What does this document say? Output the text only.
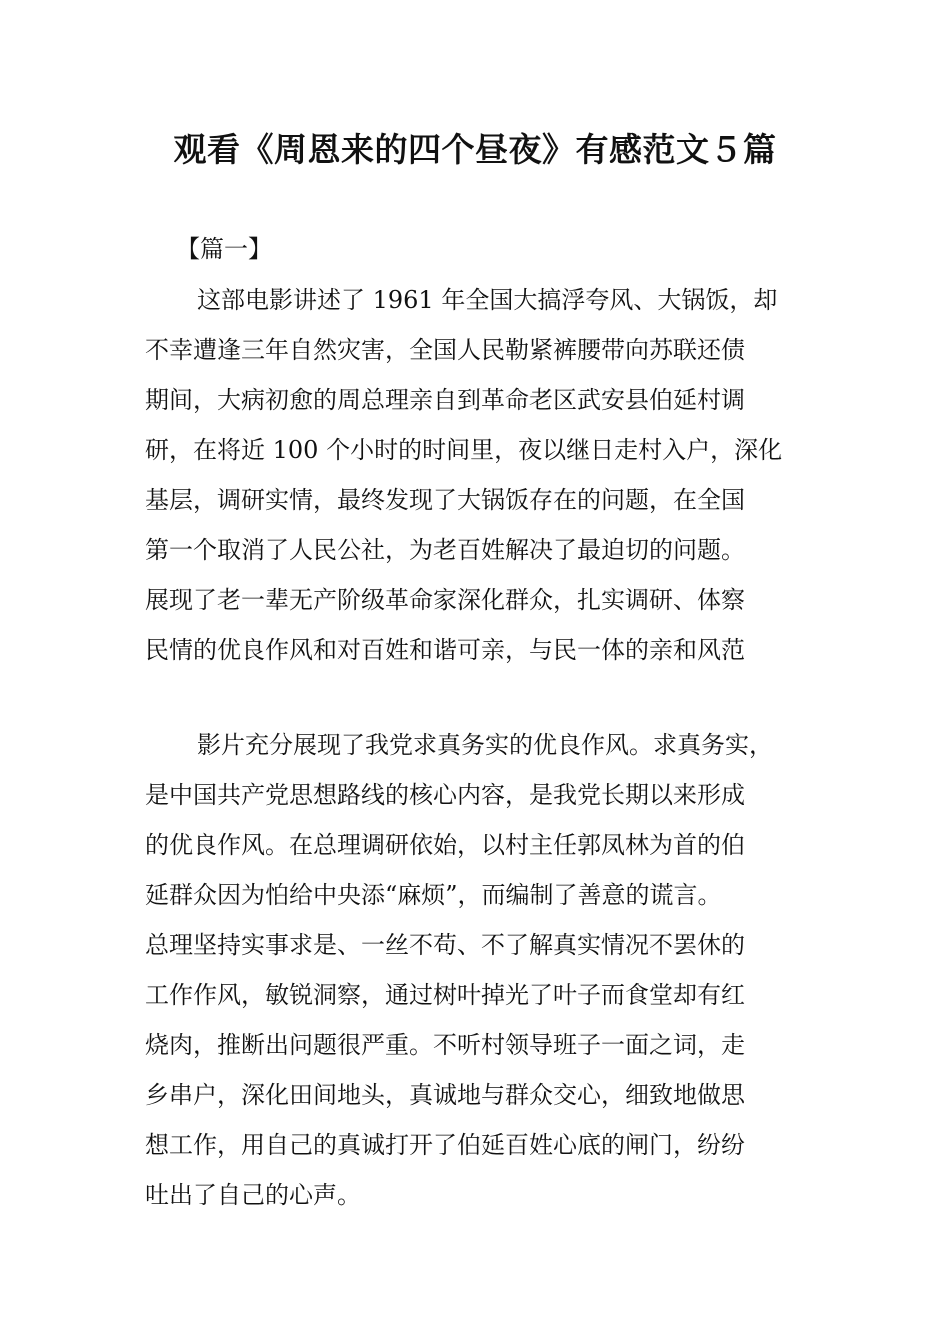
观看《周恩来的四个昼夜》有感范文５篇
【篇一】
这部电影讲述了 1961 年全国大搞浮夸风、大锅饭，却
不幸遭逢三年自然灾害，全国人民勒紧裤腰带向苏联还债
期间，大病初愈的周总理亲自到革命老区武安县伯延村调
研，在将近 100 个小时的时间里，夜以继日走村入户，深化
基层，调研实情，最终发现了大锅饭存在的问题，在全国
第一个取消了人民公社，为老百姓解决了最迫切的问题。
展现了老一辈无产阶级革命家深化群众，扎实调研、体察
民情的优良作风和对百姓和谐可亲，与民一体的亲和风范
影片充分展现了我党求真务实的优良作风。求真务实，
是中国共产党思想路线的核心内容，是我党长期以来形成
的优良作风。在总理调研依始，以村主任郭凤林为首的伯
延群众因为怕给中央添“麻烦”，而编制了善意的谎言。
总理坚持实事求是、一丝不苟、不了解真实情况不罢休的
工作作风，敏锐洞察，通过树叶掉光了叶子而食堂却有红
烧肉，推断出问题很严重。不听村领导班子一面之词，走
乡串户，深化田间地头，真诚地与群众交心，细致地做思
想工作，用自己的真诚打开了伯延百姓心底的闸门，纷纷
吐出了自己的心声。
